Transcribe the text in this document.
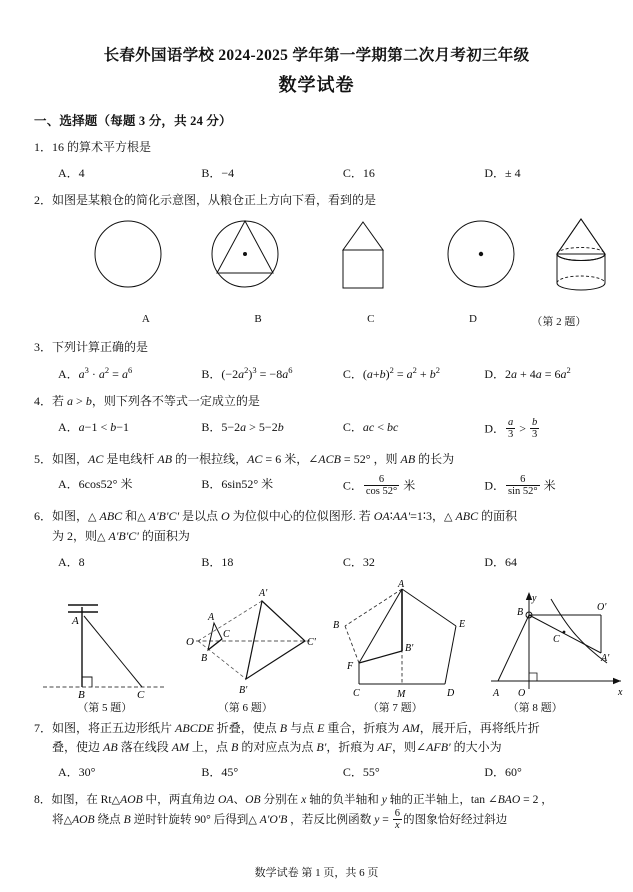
长春外国语学校 2024-2025 学年第一学期第二次月考初三年级
数学试卷
一、选择题（每题 3 分，共 24 分）
1．16 的算术平方根是
A．4	B．−4	C．16	D．± 4
2．如图是某粮仓的简化示意图，从粮仓正上方向下看，看到的是
A	B	C	D	（第 2 题）
3．下列计算正确的是
A．$a^3 \cdot a^2 = a^6$	B．$(-2a^2)^3 = -8a^6$	C．$(a+b)^2 = a^2 + b^2$	D．$2a + 4a = 6a^2$
4．若 a > b，则下列各不等式一定成立的是
A．a−1 < b−1	B．5−2a > 5−2b	C．ac < bc	D． $\frac{a}{3} > \frac{b}{3}$
5．如图，AC 是电线杆 AB 的一根拉线，AC = 6 米，∠ACB = 52° ，则 AB 的长为
A．6cos52° 米	B．6sin52° 米	C． $\frac{6}{\cos 52^\circ}$ 米	D． $\frac{6}{\sin 52^\circ}$ 米
6．如图，△ ABC 和△ A'B'C' 是以点 O 为位似中心的位似图形. 若 OA∶AA'=1∶3，△ ABC 的面积
为 2，则△ A'B'C' 的面积为
A．8	B．18	C．32	D．64
A
B	C
O
A
B
C
A'
B'
C'
A
B
C	D
E
F
M
B'
y
x
O
A
B
C
A'
O'
（第 5 题）	（第 6 题）	（第 7 题）	（第 8 题）
7．如图，将正五边形纸片 ABCDE 折叠，使点 B 与点 E 重合，折痕为 AM，展开后，再将纸片折
叠，使边 AB 落在线段 AM 上，点 B 的对应点为点 B'，折痕为 AF，则∠AFB' 的大小为
A．30°	B．45°	C．55°	D．60°
8．如图，在 Rt△AOB 中，两直角边 OA、OB 分别在 x 轴的负半轴和 y 轴的正半轴上，tan ∠BAO = 2 ，
将△AOB 绕点 B 逆时针旋转 90° 后得到△ A'O'B ，若反比例函数 $y = \frac{6}{x}$ 的图象恰好经过斜边
数学试卷 第 1 页，共 6 页
